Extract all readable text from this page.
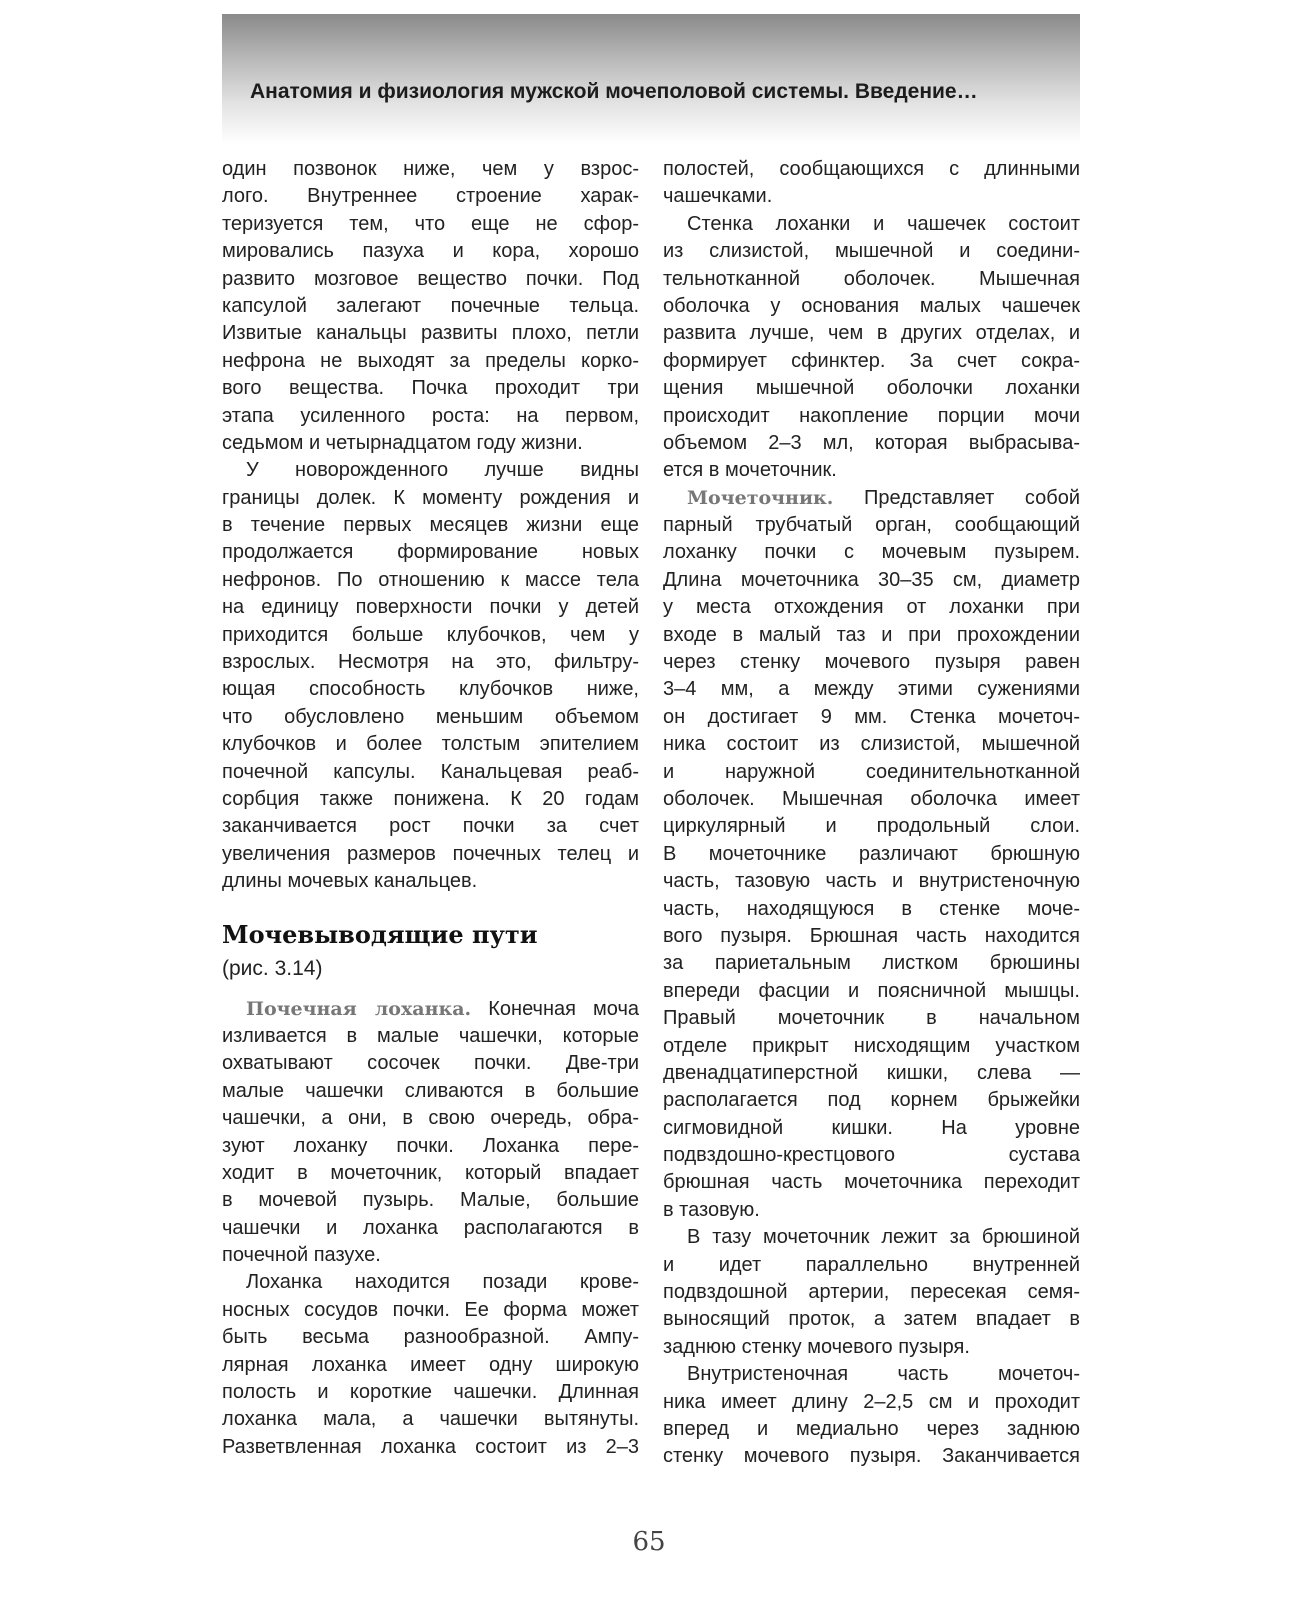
Анатомия и физиология мужской мочеполовой системы. Введение…
один позвонок ниже, чем у взрос-
лого. Внутреннее строение харак-
теризуется тем, что еще не сфор-
мировались пазуха и кора, хорошо
развито мозговое вещество почки. Под
капсулой залегают почечные тельца.
Извитые канальцы развиты плохо, петли
нефрона не выходят за пределы корко-
вого вещества. Почка проходит три
этапа усиленного роста: на первом,
седьмом и четырнадцатом году жизни.
У новорожденного лучше видны
границы долек. К моменту рождения и
в течение первых месяцев жизни еще
продолжается формирование новых
нефронов. По отношению к массе тела
на единицу поверхности почки у детей
приходится больше клубочков, чем у
взрослых. Несмотря на это, фильтру-
ющая способность клубочков ниже,
что обусловлено меньшим объемом
клубочков и более толстым эпителием
почечной капсулы. Канальцевая реаб-
сорбция также понижена. К 20 годам
заканчивается рост почки за счет
увеличения размеров почечных телец и
длины мочевых канальцев.
Мочевыводящие пути
(рис. 3.14)
Почечная лоханка. Конечная моча
изливается в малые чашечки, которые
охватывают сосочек почки. Две-три
малые чашечки сливаются в большие
чашечки, а они, в свою очередь, обра-
зуют лоханку почки. Лоханка пере-
ходит в мочеточник, который впадает
в мочевой пузырь. Малые, большие
чашечки и лоханка располагаются в
почечной пазухе.
Лоханка находится позади крове-
носных сосудов почки. Ее форма может
быть весьма разнообразной. Ампу-
лярная лоханка имеет одну широкую
полость и короткие чашечки. Длинная
лоханка мала, а чашечки вытянуты.
Разветвленная лоханка состоит из 2–3
полостей, сообщающихся с длинными
чашечками.
Стенка лоханки и чашечек состоит
из слизистой, мышечной и соедини-
тельнотканной оболочек. Мышечная
оболочка у основания малых чашечек
развита лучше, чем в других отделах, и
формирует сфинктер. За счет сокра-
щения мышечной оболочки лоханки
происходит накопление порции мочи
объемом 2–3 мл, которая выбрасыва-
ется в мочеточник.
Мочеточник. Представляет собой
парный трубчатый орган, сообщающий
лоханку почки с мочевым пузырем.
Длина мочеточника 30–35 см, диаметр
у места отхождения от лоханки при
входе в малый таз и при прохождении
через стенку мочевого пузыря равен
3–4 мм, а между этими сужениями
он достигает 9 мм. Стенка мочеточ-
ника состоит из слизистой, мышечной
и наружной соединительнотканной
оболочек. Мышечная оболочка имеет
циркулярный и продольный слои.
В мочеточнике различают брюшную
часть, тазовую часть и внутристеночную
часть, находящуюся в стенке моче-
вого пузыря. Брюшная часть находится
за париетальным листком брюшины
впереди фасции и поясничной мышцы.
Правый мочеточник в начальном
отделе прикрыт нисходящим участком
двенадцатиперстной кишки, слева —
располагается под корнем брыжейки
сигмовидной кишки. На уровне
подвздошно-крестцового сустава
брюшная часть мочеточника переходит
в тазовую.
В тазу мочеточник лежит за брюшиной
и идет параллельно внутренней
подвздошной артерии, пересекая семя-
выносящий проток, а затем впадает в
заднюю стенку мочевого пузыря.
Внутристеночная часть мочеточ-
ника имеет длину 2–2,5 см и проходит
вперед и медиально через заднюю
стенку мочевого пузыря. Заканчивается
65
